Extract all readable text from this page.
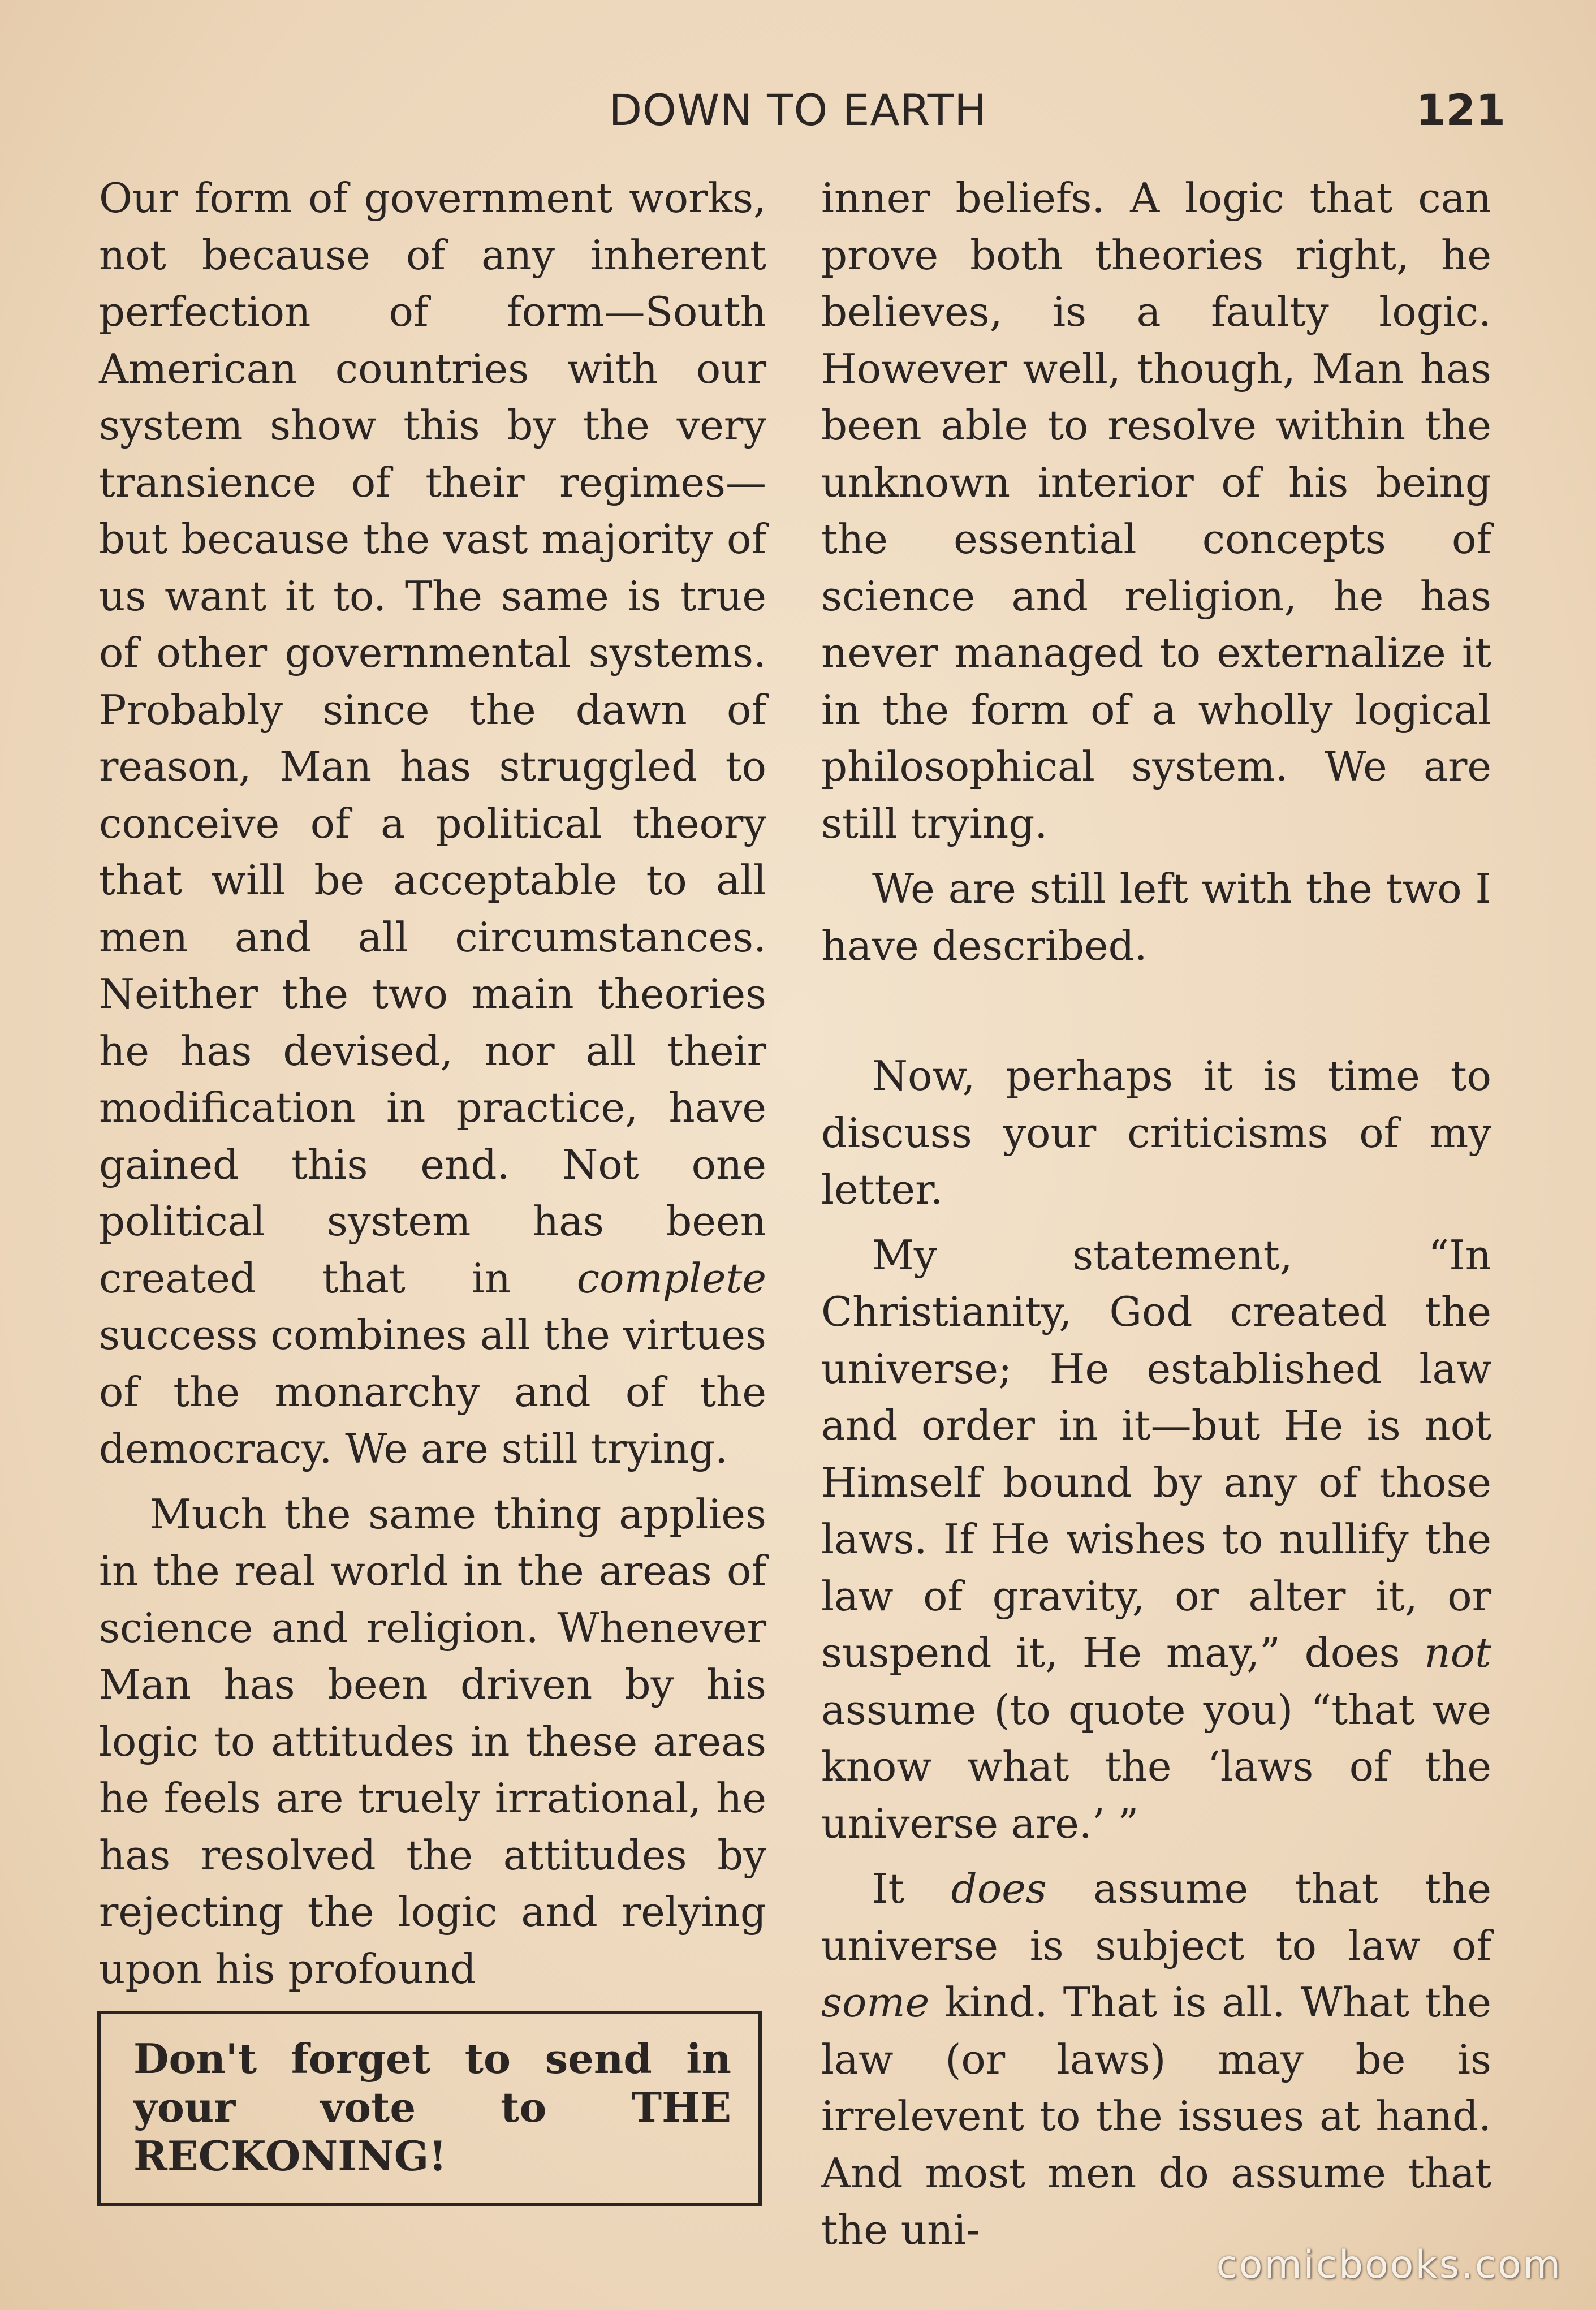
DOWN TO EARTH	121

Our form of government works, not because of any inherent perfection of form—South American countries with our system show this by the very transience of their regimes—but because the vast majority of us want it to. The same is true of other governmental systems. Probably since the dawn of reason, Man has struggled to conceive of a political theory that will be acceptable to all men and all circumstances. Neither the two main theories he has devised, nor all their modification in practice, have gained this end. Not one political system has been created that in complete success combines all the virtues of the monarchy and of the democracy. We are still trying.

Much the same thing applies in the real world in the areas of science and religion. Whenever Man has been driven by his logic to attitudes in these areas he feels are truely irrational, he has resolved the attitudes by rejecting the logic and relying upon his profound

Don't forget to send in your vote to THE RECKONING!

inner beliefs. A logic that can prove both theories right, he believes, is a faulty logic. However well, though, Man has been able to resolve within the unknown interior of his being the essential concepts of science and religion, he has never managed to externalize it in the form of a wholly logical philosophical system. We are still trying.

We are still left with the two I have described.

Now, perhaps it is time to discuss your criticisms of my letter.

My statement, “In Christianity, God created the universe; He established law and order in it—but He is not Himself bound by any of those laws. If He wishes to nullify the law of gravity, or alter it, or suspend it, He may,” does not assume (to quote you) “that we know what the ‘laws of the universe are.’ ”

It does assume that the universe is subject to law of some kind. That is all. What the law (or laws) may be is irrelevent to the issues at hand. And most men do assume that the uni-

comicbooks.com
